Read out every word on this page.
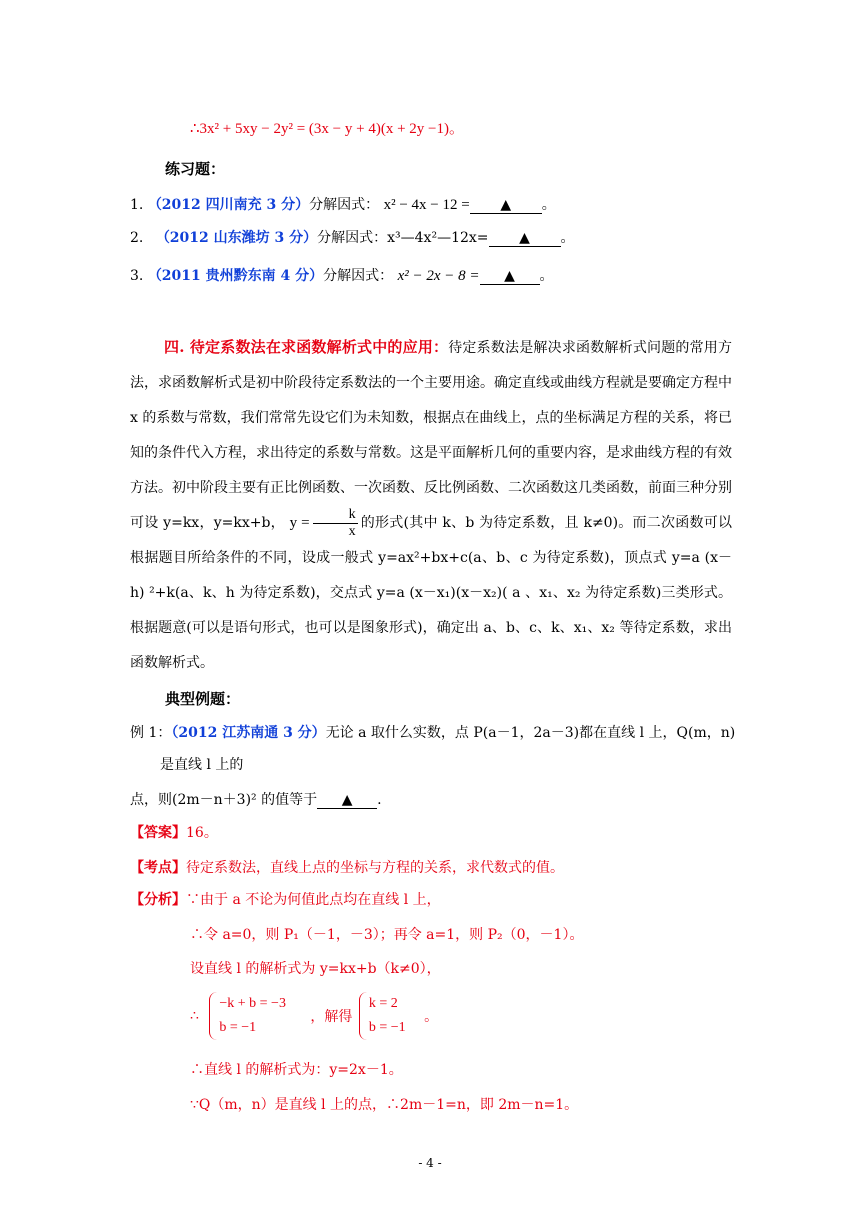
∴3x² + 5xy − 2y² = (3x − y + 4)(x + 2y −1)。
练习题：
1. （2012 四川南充 3 分）分解因式： x² − 4x − 12 = ▲ 。
2. （2012 山东潍坊 3 分）分解因式：x³—4x²—12x= ▲ 。
3. （2011 贵州黔东南 4 分）分解因式： x² − 2x − 8 = ▲ 。
四. 待定系数法在求函数解析式中的应用：待定系数法是解决求函数解析式问题的常用方法，求函数解析式是初中阶段待定系数法的一个主要用途。确定直线或曲线方程就是要确定方程中 x 的系数与常数，我们常常先设它们为未知数，根据点在曲线上，点的坐标满足方程的关系，将已知的条件代入方程，求出待定的系数与常数。这是平面解析几何的重要内容，是求曲线方程的有效方法。初中阶段主要有正比例函数、一次函数、反比例函数、二次函数这几类函数，前面三种分别可设 y=kx，y=kx+b， $y = \frac{k}{x}$ 的形式(其中 k、b 为待定系数，且 k≠0)。而二次函数可以根据题目所给条件的不同，设成一般式 y=ax²+bx+c(a、b、c 为待定系数)，顶点式 y=a (x－h) ²+k(a、k、h 为待定系数)，交点式 y=a (x－x₁)(x－x₂)( a 、x₁、x₂ 为待定系数)三类形式。根据题意(可以是语句形式，也可以是图象形式)，确定出 a、b、c、k、x₁、x₂ 等待定系数，求出函数解析式。
典型例题：
例 1：（2012 江苏南通 3 分）无论 a 取什么实数，点 P(a－1，2a－3)都在直线 l 上，Q(m，n)
是直线 l 上的
点，则(2m－n＋3)² 的值等于 ▲ .
【答案】16。
【考点】待定系数法，直线上点的坐标与方程的关系，求代数式的值。
【分析】∵由于 a 不论为何值此点均在直线 l 上，
∴令 a=0，则 P₁（－1，－3）；再令 a=1，则 P₂（0，－1）。
设直线 l 的解析式为 y=kx+b（k≠0），
∴
−k + b = −3
b = −1
，解得
k = 2
b = −1
。
∴直线 l 的解析式为：y=2x－1。
∵Q（m，n）是直线 l 上的点，∴2m－1=n，即 2m－n=1。
- 4 -
